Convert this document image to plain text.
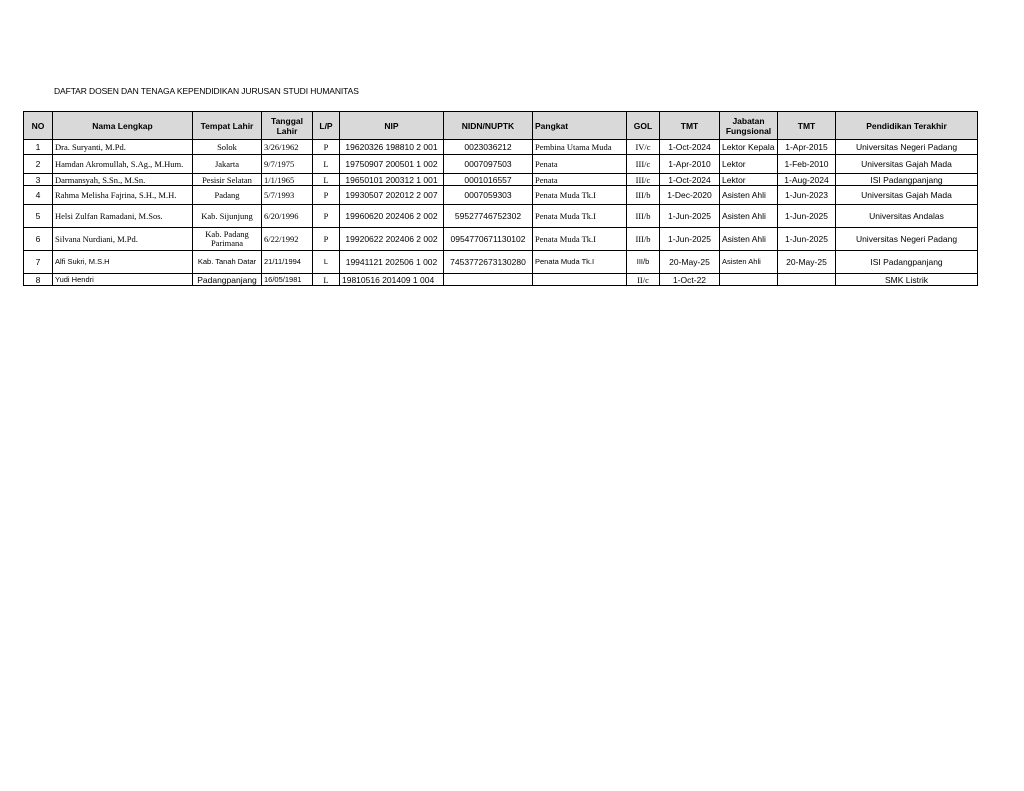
DAFTAR DOSEN DAN TENAGA KEPENDIDIKAN JURUSAN STUDI HUMANITAS
NO	Nama Lengkap	Tempat Lahir	Tanggal Lahir	L/P	NIP	NIDN/NUPTK	Pangkat	GOL	TMT	Jabatan Fungsional	TMT	Pendidikan Terakhir
1	Dra. Suryanti, M.Pd.	Solok	3/26/1962	P	19620326 198810 2 001	0023036212	Pembina Utama Muda	IV/c	1-Oct-2024	Lektor Kepala	1-Apr-2015	Universitas Negeri Padang
2	Hamdan Akromullah, S.Ag., M.Hum.	Jakarta	9/7/1975	L	19750907 200501 1 002	0007097503	Penata	III/c	1-Apr-2010	Lektor	1-Feb-2010	Universitas Gajah Mada
3	Darmansyah, S.Sn., M.Sn.	Pesisir Selatan	1/1/1965	L	19650101 200312 1 001	0001016557	Penata	III/c	1-Oct-2024	Lektor	1-Aug-2024	ISI Padangpanjang
4	Rahma Melisha Fajrina, S.H., M.H.	Padang	5/7/1993	P	19930507 202012 2 007	0007059303	Penata Muda Tk.I	III/b	1-Dec-2020	Asisten Ahli	1-Jun-2023	Universitas Gajah Mada
5	Helsi Zulfan Ramadani, M.Sos.	Kab. Sijunjung	6/20/1996	P	19960620 202406 2 002	59527746752302	Penata Muda Tk.I	III/b	1-Jun-2025	Asisten Ahli	1-Jun-2025	Universitas Andalas
6	Silvana Nurdiani, M.Pd.	Kab. Padang Parimana	6/22/1992	P	19920622 202406 2 002	0954770671130102	Penata Muda Tk.I	III/b	1-Jun-2025	Asisten Ahli	1-Jun-2025	Universitas Negeri Padang
7	Alfi Sukri, M.S.H	Kab. Tanah Datar	21/11/1994	L	19941121 202506 1 002	7453772673130280	Penata Muda Tk.I	III/b	20-May-25	Asisten Ahli	20-May-25	ISI Padangpanjang
8	Yudi Hendri	Padangpanjang	16/05/1981	L	19810516 201409 1 004			II/c	1-Oct-22			SMK Listrik
